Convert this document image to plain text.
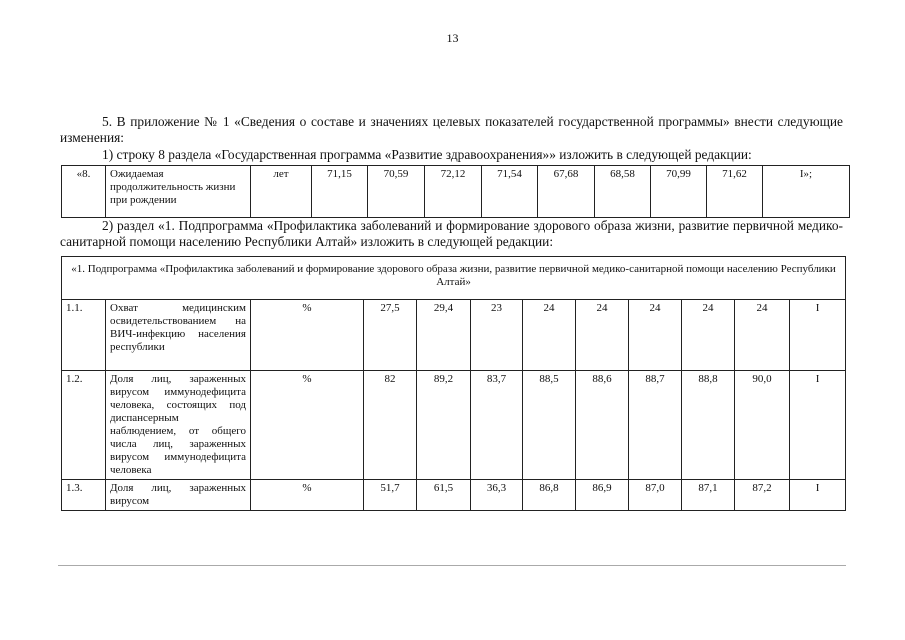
13
5. В приложение № 1 «Сведения о составе и значениях целевых показателей государственной программы» внести следующие изменения:
1) строку 8 раздела «Государственная программа «Развитие здравоохранения»» изложить в следующей редакции:
«8.	Ожидаемая продолжительность жизни при рождении	лет	71,15	70,59	72,12	71,54	67,68	68,58	70,99	71,62	I»;
2) раздел «1. Подпрограмма «Профилактика заболеваний и формирование здорового образа жизни, развитие первичной медико-санитарной помощи населению Республики Алтай» изложить в следующей редакции:
«1. Подпрограмма «Профилактика заболеваний и формирование здорового образа жизни, развитие первичной медико-санитарной помощи населению Республики Алтай»											
1.1.	Охват медицинским освидетельствованием на ВИЧ-инфекцию населения республики	%	27,5	29,4	23	24	24	24	24	24	I
1.2.	Доля лиц, зараженных вирусом иммунодефицита человека, состоящих под диспансерным наблюдением, от общего числа лиц, зараженных вирусом иммунодефицита человека	%	82	89,2	83,7	88,5	88,6	88,7	88,8	90,0	I
1.3.	Доля лиц, зараженных вирусом	%	51,7	61,5	36,3	86,8	86,9	87,0	87,1	87,2	I
